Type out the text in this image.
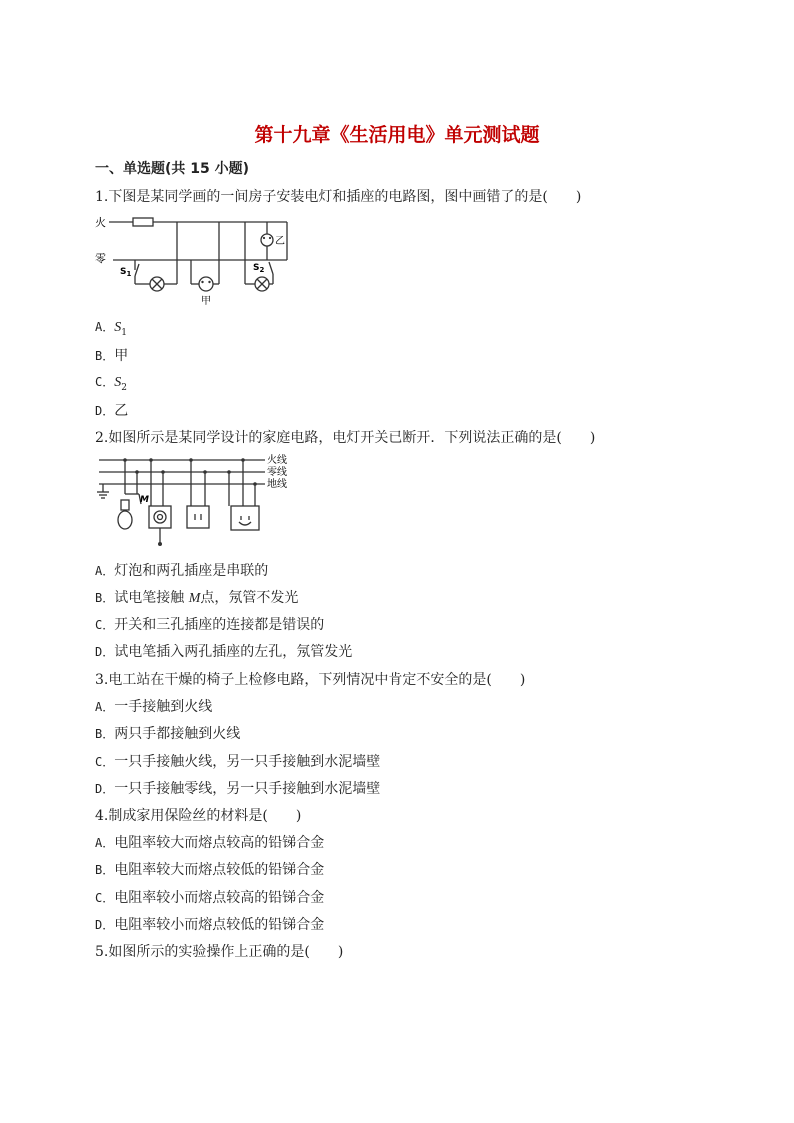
第十九章《生活用电》单元测试题
一、单选题(共 15 小题)
1.下图是某同学画的一间房子安装电灯和插座的电路图，图中画错了的是(　　)
火
零
$S_1$
$S_2$
甲
乙
A．$S_1$
B．甲
C．$S_2$
D．乙
2.如图所示是某同学设计的家庭电路，电灯开关已断开．下列说法正确的是(　　)
火线
零线
地线
M
A．灯泡和两孔插座是串联的
B．试电笔接触 M点，氖管不发光
C．开关和三孔插座的连接都是错误的
D．试电笔插入两孔插座的左孔，氖管发光
3.电工站在干燥的椅子上检修电路，下列情况中肯定不安全的是(　　)
A．一手接触到火线
B．两只手都接触到火线
C．一只手接触火线，另一只手接触到水泥墙壁
D．一只手接触零线，另一只手接触到水泥墙壁
4.制成家用保险丝的材料是(　　)
A．电阻率较大而熔点较高的铅锑合金
B．电阻率较大而熔点较低的铅锑合金
C．电阻率较小而熔点较高的铅锑合金
D．电阻率较小而熔点较低的铅锑合金
5.如图所示的实验操作上正确的是(　　)
